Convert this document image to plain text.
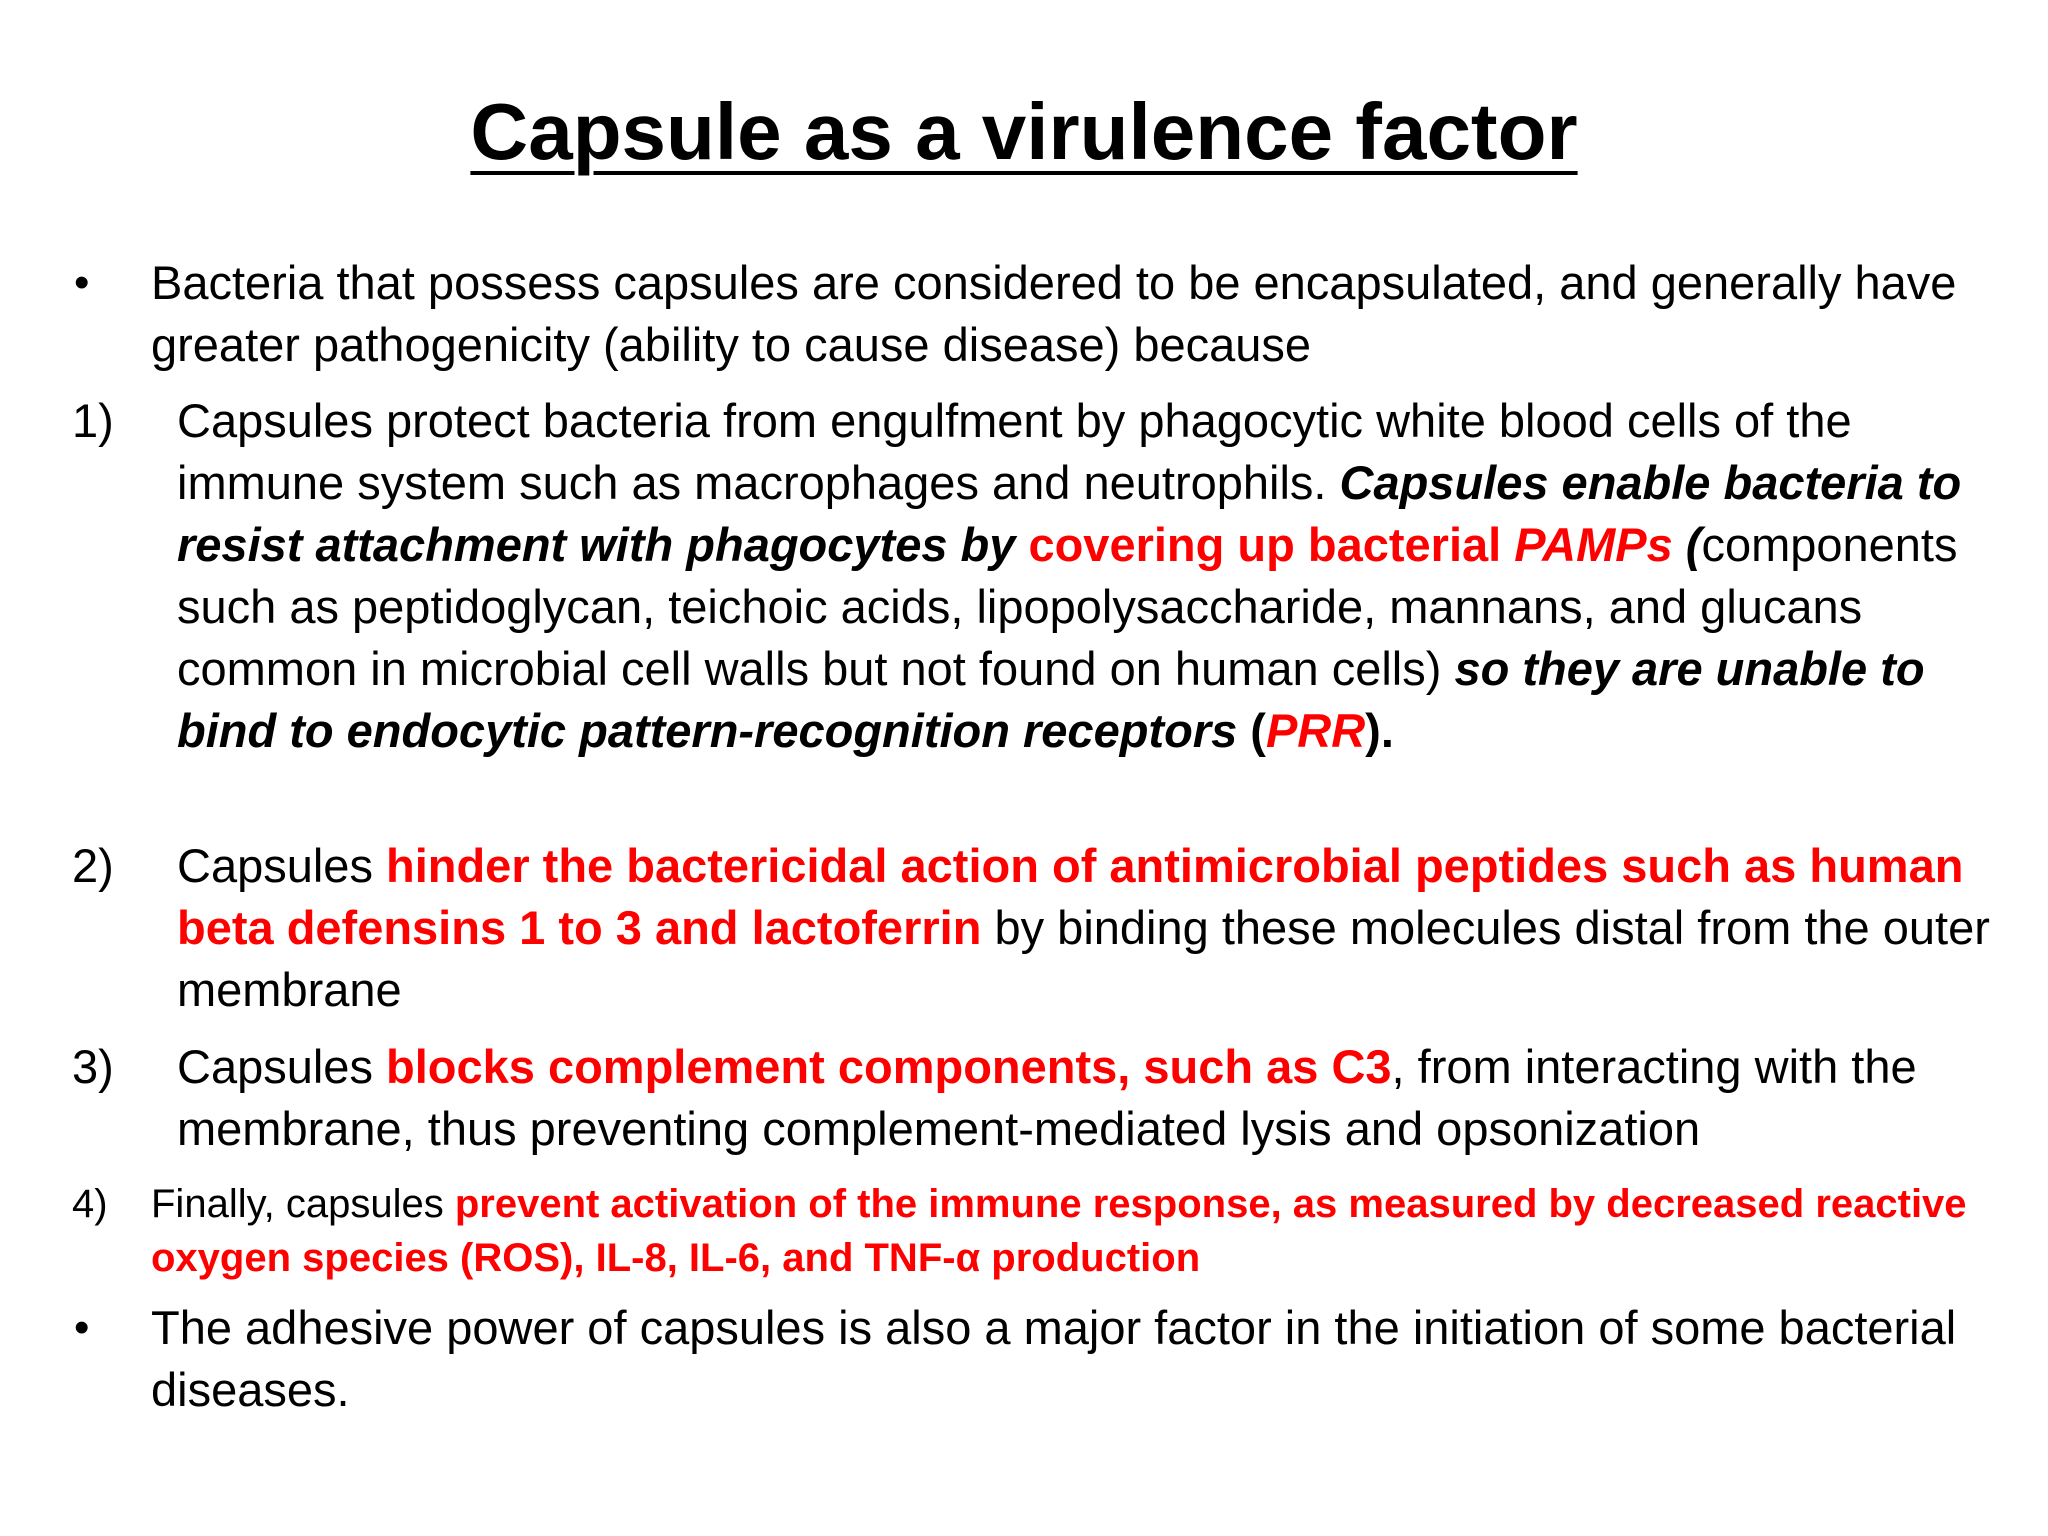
Capsule as a virulence factor
• Bacteria that possess capsules are considered to be encapsulated, and generally have greater pathogenicity (ability to cause disease) because
1) Capsules protect bacteria from engulfment by phagocytic white blood cells of the immune system such as macrophages and neutrophils. Capsules enable bacteria to resist attachment with phagocytes by covering up bacterial PAMPs (components such as peptidoglycan, teichoic acids, lipopolysaccharide, mannans, and glucans common in microbial cell walls but not found on human cells) so they are unable to bind to endocytic pattern-recognition receptors (PRR).
2) Capsules hinder the bactericidal action of antimicrobial peptides such as human beta defensins 1 to 3 and lactoferrin by binding these molecules distal from the outer membrane
3) Capsules blocks complement components, such as C3, from interacting with the membrane, thus preventing complement-mediated lysis and opsonization
4) Finally, capsules prevent activation of the immune response, as measured by decreased reactive oxygen species (ROS), IL-8, IL-6, and TNF-α production
• The adhesive power of capsules is also a major factor in the initiation of some bacterial diseases.
